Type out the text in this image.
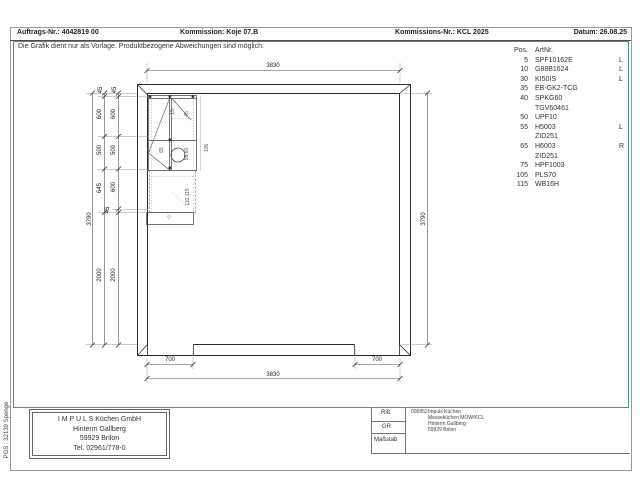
Auftrags-Nr.: 4042819 00	Kommission: Koje 07.B	Kommissions-Nr.: KCL 2025	Datum: 26.08.25
Die Grafik dient nur als Vorlage. Produktbezogene Abweichungen sind möglich.
3830
3830
3790
3790
45
600
500
645
2000
45
600
500
600
45
2000
700	700
105
65
45
15
55,60
110,115
▽
Pos. ArtNr.
5 SPF10162E	L
10 G88B1624	L
30 KI50IS	L
35 EB-GK2-TCG
40 SPKG60
TGV60461
50 UPF10
55 H5003	L
ZID251
65 H6003	R
ZID251
75 HPF1003
105 PLS70
115 WB16H
I M P U L S Küchen GmbH
Hinterm Gallberg
59929 Brilon
Tel. 02961/778-0
Riß
GR
Maßstab
006852 Impuls Küchen
Messeküchen MOW/KCL
Hinterm Gallberg
59929 Brilon
PGS : 32139 Spenge
